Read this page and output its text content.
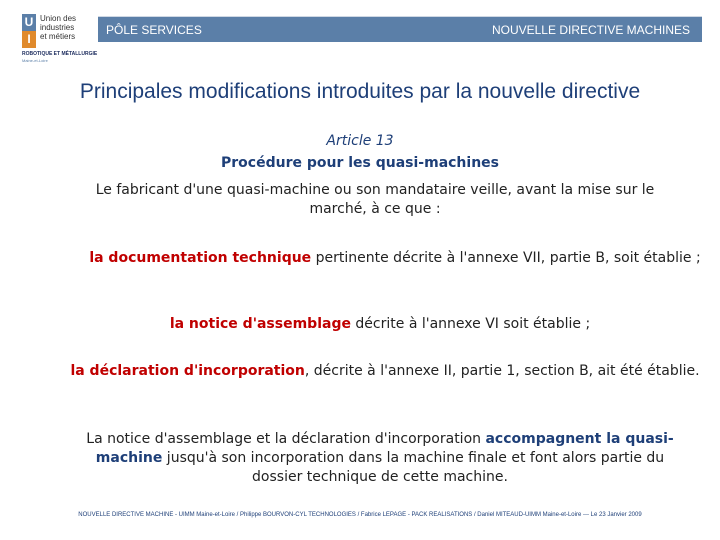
U
I
Union des
industries
et métiers
ROBOTIQUE ET MÉTALLURGIE
Maine-et-Loire
PÔLE SERVICES	NOUVELLE DIRECTIVE MACHINES
Principales modifications introduites par la nouvelle directive
Article 13
Procédure pour les quasi-machines
Le fabricant d'une quasi-machine ou son mandataire veille, avant la mise sur le marché, à ce que :
la documentation technique pertinente décrite à l'annexe VII, partie B, soit établie ;
la notice d'assemblage décrite à l'annexe VI soit établie ;
la déclaration d'incorporation, décrite à l'annexe II, partie 1, section B, ait été établie.
La notice d'assemblage et la déclaration d'incorporation accompagnent la quasi-machine jusqu'à son incorporation dans la machine finale et font alors partie du dossier technique de cette machine.
NOUVELLE DIRECTIVE MACHINE - UIMM Maine-et-Loire / Philippe BOURVON-CYL TECHNOLOGIES / Fabrice LEPAGE - PACK REALISATIONS / Daniel MITEAUD-UIMM Maine-et-Loire --- Le 23 Janvier 2009
